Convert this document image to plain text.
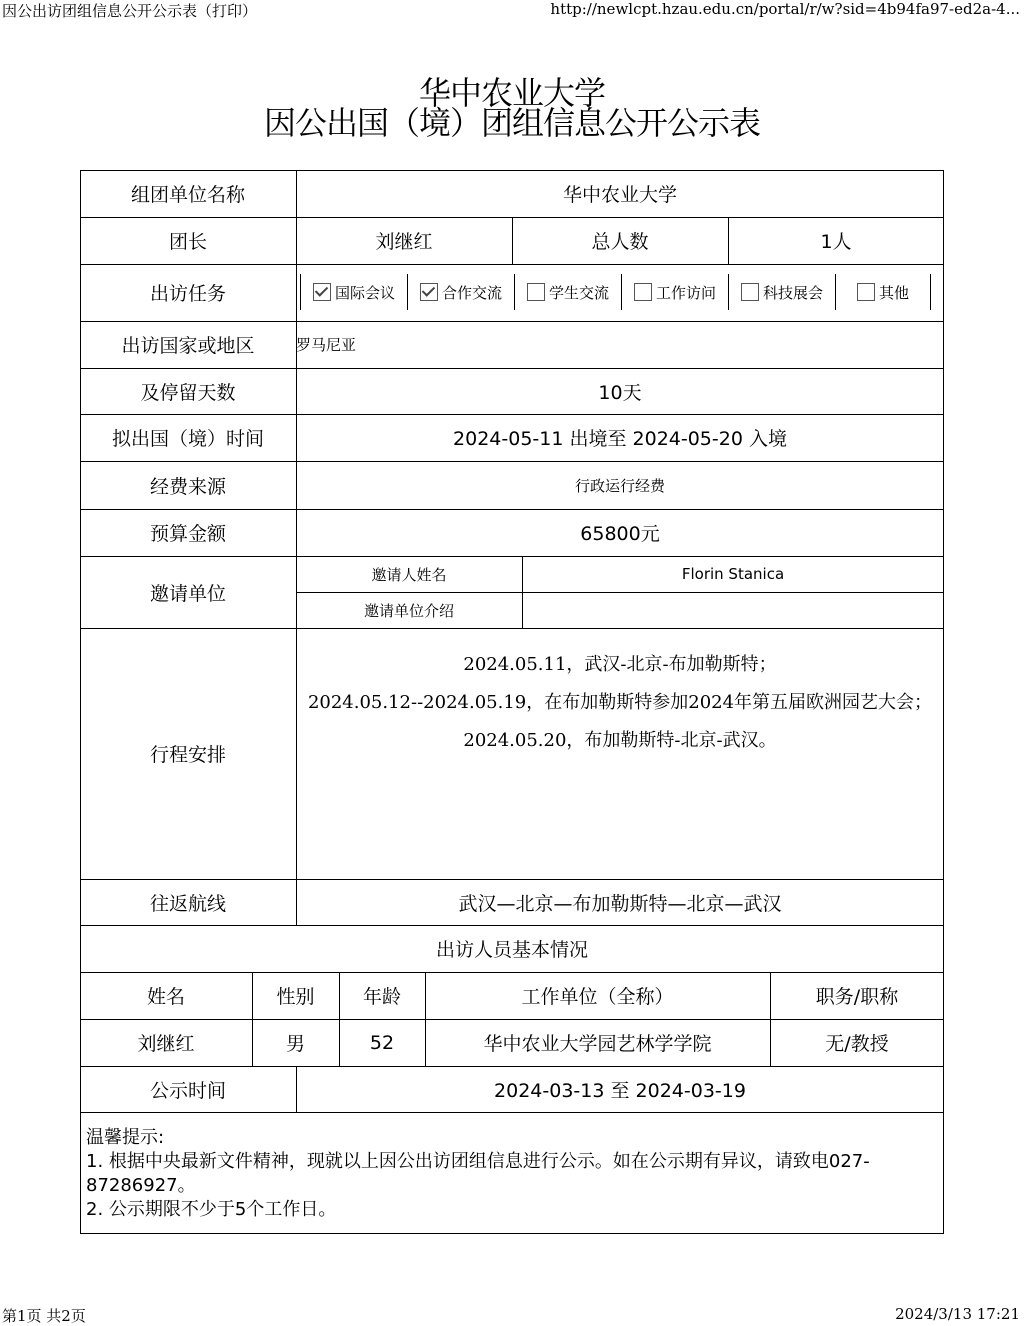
因公出访团组信息公开公示表（打印）	http://newlcpt.hzau.edu.cn/portal/r/w?sid=4b94fa97-ed2a-4...
第1页 共2页	2024/3/13 17:21
华中农业大学
因公出国（境）团组信息公开公示表
组团单位名称	华中农业大学
团长	刘继红	总人数	1人
出访任务	国际会议	合作交流	学生交流	工作访问	科技展会	其他
出访国家或地区	罗马尼亚
及停留天数	10天
拟出国（境）时间	2024-05-11 出境至 2024-05-20 入境
经费来源	行政运行经费
预算金额	65800元
邀请单位
邀请人姓名	Florin Stanica
邀请单位介绍
行程安排

2024.05.11，武汉-北京-布加勒斯特；

2024.05.12--2024.05.19，在布加勒斯特参加2024年第五届欧洲园艺大会；

2024.05.20，布加勒斯特-北京-武汉。

往返航线	武汉—北京—布加勒斯特—北京—武汉
出访人员基本情况
姓名	性别	年龄	工作单位（全称）	职务/职称
刘继红	男	52	华中农业大学园艺林学学院	无/教授
公示时间	2024-03-13 至 2024-03-19
温馨提示:
1. 根据中央最新文件精神，现就以上因公出访团组信息进行公示。如在公示期有异议，请致电027-87286927。
2. 公示期限不少于5个工作日。
